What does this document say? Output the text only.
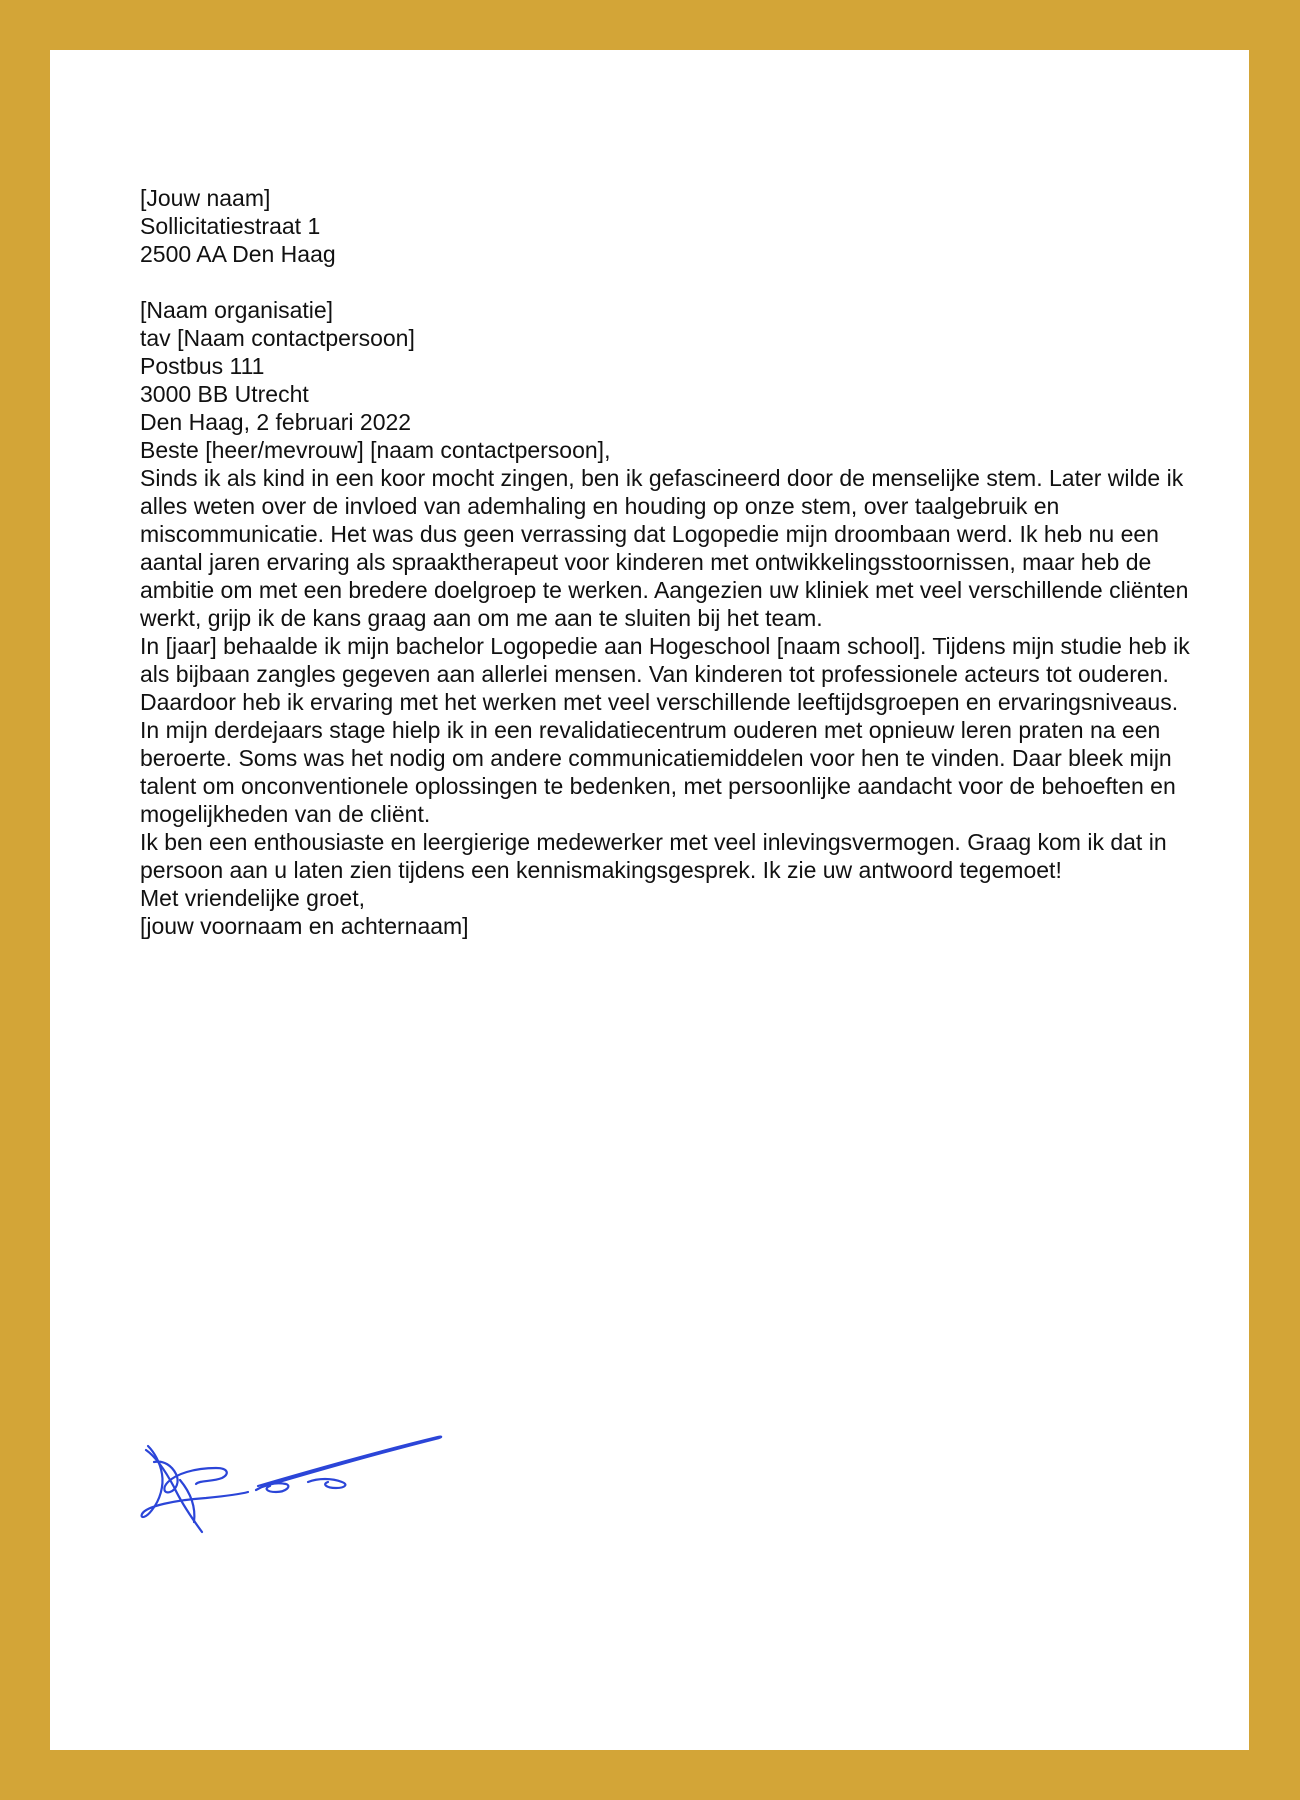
[Jouw naam]

Sollicitatiestraat 1

2500 AA Den Haag

[Naam organisatie]

tav [Naam contactpersoon]

Postbus 111

3000 BB Utrecht

Den Haag, 2 februari 2022

Beste [heer/mevrouw] [naam contactpersoon],

Sinds ik als kind in een koor mocht zingen, ben ik gefascineerd door de menselijke stem. Later wilde ik alles weten over de invloed van ademhaling en houding op onze stem, over taalgebruik en miscommunicatie. Het was dus geen verrassing dat Logopedie mijn droombaan werd. Ik heb nu een aantal jaren ervaring als spraaktherapeut voor kinderen met ontwikkelingsstoornissen, maar heb de ambitie om met een bredere doelgroep te werken. Aangezien uw kliniek met veel verschillende cliënten werkt, grijp ik de kans graag aan om me aan te sluiten bij het team.

In [jaar] behaalde ik mijn bachelor Logopedie aan Hogeschool [naam school]. Tijdens mijn studie heb ik als bijbaan zangles gegeven aan allerlei mensen. Van kinderen tot professionele acteurs tot ouderen. Daardoor heb ik ervaring met het werken met veel verschillende leeftijdsgroepen en ervaringsniveaus.

In mijn derdejaars stage hielp ik in een revalidatiecentrum ouderen met opnieuw leren praten na een beroerte. Soms was het nodig om andere communicatiemiddelen voor hen te vinden. Daar bleek mijn talent om onconventionele oplossingen te bedenken, met persoonlijke aandacht voor de behoeften en mogelijkheden van de cliënt.

Ik ben een enthousiaste en leergierige medewerker met veel inlevingsvermogen. Graag kom ik dat in persoon aan u laten zien tijdens een kennismakingsgesprek. Ik zie uw antwoord tegemoet!

Met vriendelijke groet,

[jouw voornaam en achternaam]
